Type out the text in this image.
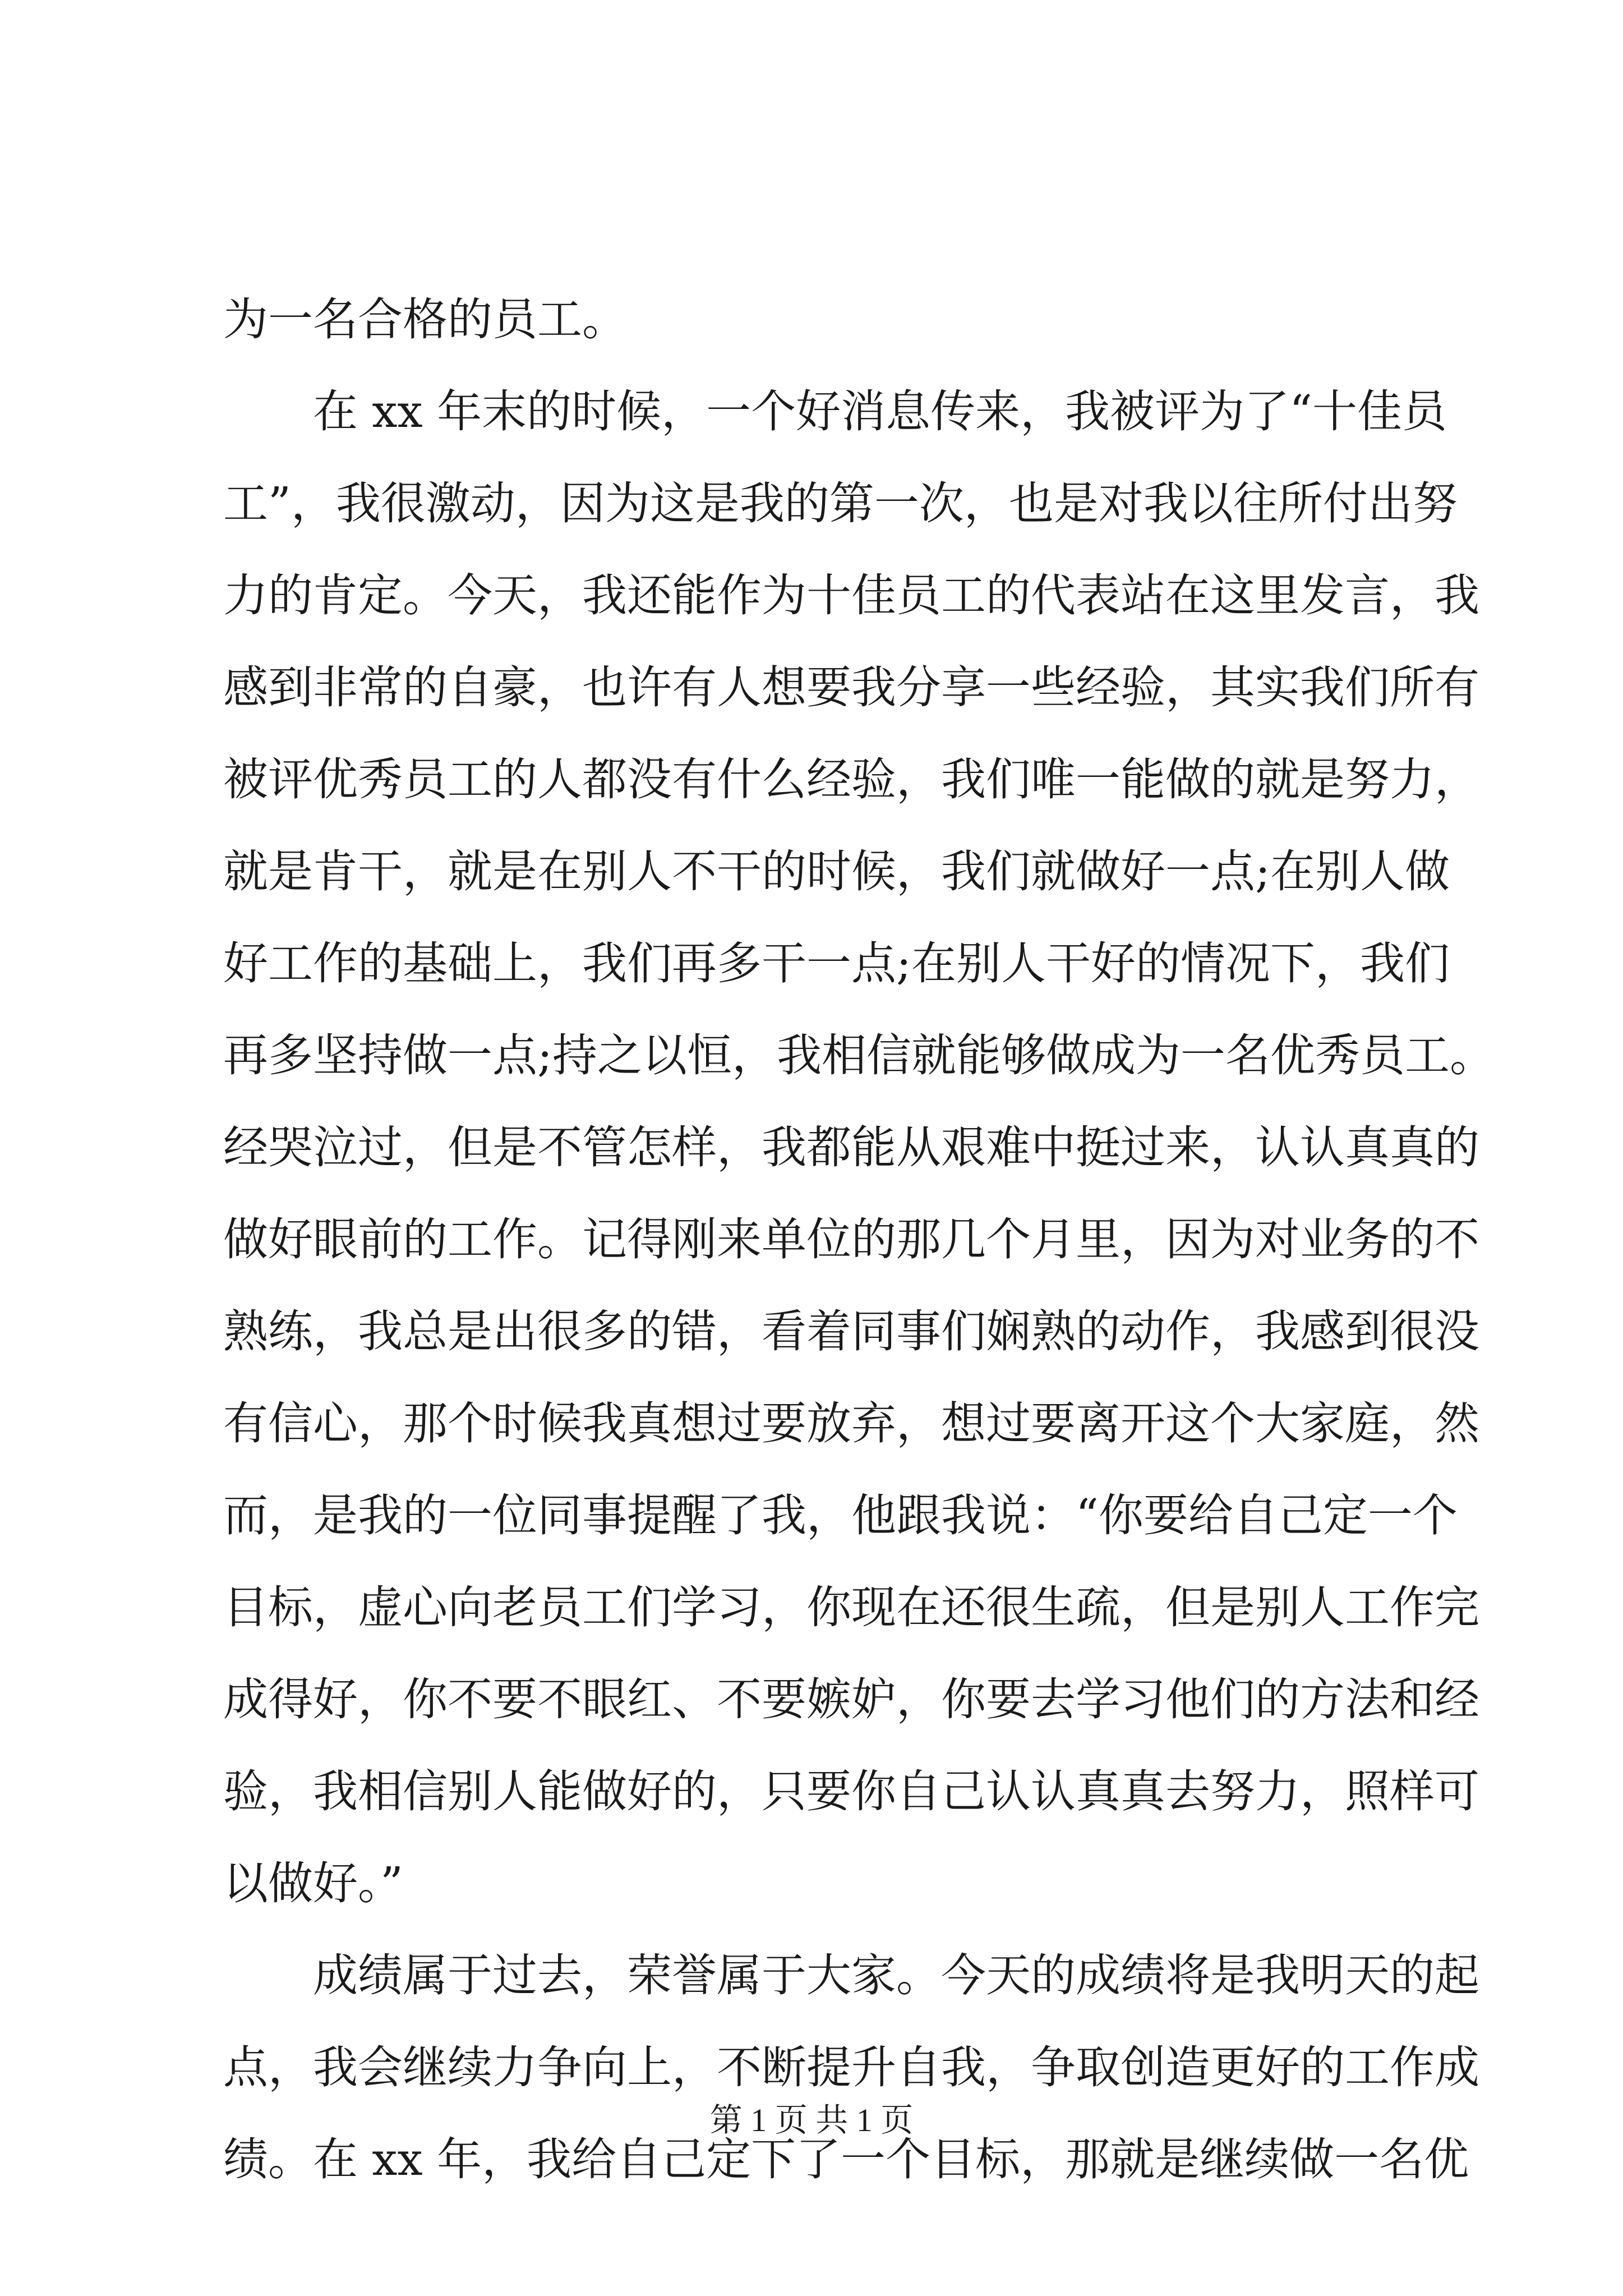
为一名合格的员工。
　　在 xx 年末的时候，一个好消息传来，我被评为了“十佳员
工”，我很激动，因为这是我的第一次，也是对我以往所付出努
力的肯定。今天，我还能作为十佳员工的代表站在这里发言，我
感到非常的自豪，也许有人想要我分享一些经验，其实我们所有
被评优秀员工的人都没有什么经验，我们唯一能做的就是努力，
就是肯干，就是在别人不干的时候，我们就做好一点;在别人做
好工作的基础上，我们再多干一点;在别人干好的情况下，我们
再多坚持做一点;持之以恒，我相信就能够做成为一名优秀员工。
经哭泣过，但是不管怎样，我都能从艰难中挺过来，认认真真的
做好眼前的工作。记得刚来单位的那几个月里，因为对业务的不
熟练，我总是出很多的错，看着同事们娴熟的动作，我感到很没
有信心，那个时候我真想过要放弃，想过要离开这个大家庭，然
而，是我的一位同事提醒了我，他跟我说：“你要给自己定一个
目标，虚心向老员工们学习，你现在还很生疏，但是别人工作完
成得好，你不要不眼红、不要嫉妒，你要去学习他们的方法和经
验，我相信别人能做好的，只要你自己认认真真去努力，照样可
以做好。”
　　成绩属于过去，荣誉属于大家。今天的成绩将是我明天的起
点，我会继续力争向上，不断提升自我，争取创造更好的工作成
绩。在 xx 年，我给自己定下了一个目标，那就是继续做一名优
第 1 页 共 1 页
